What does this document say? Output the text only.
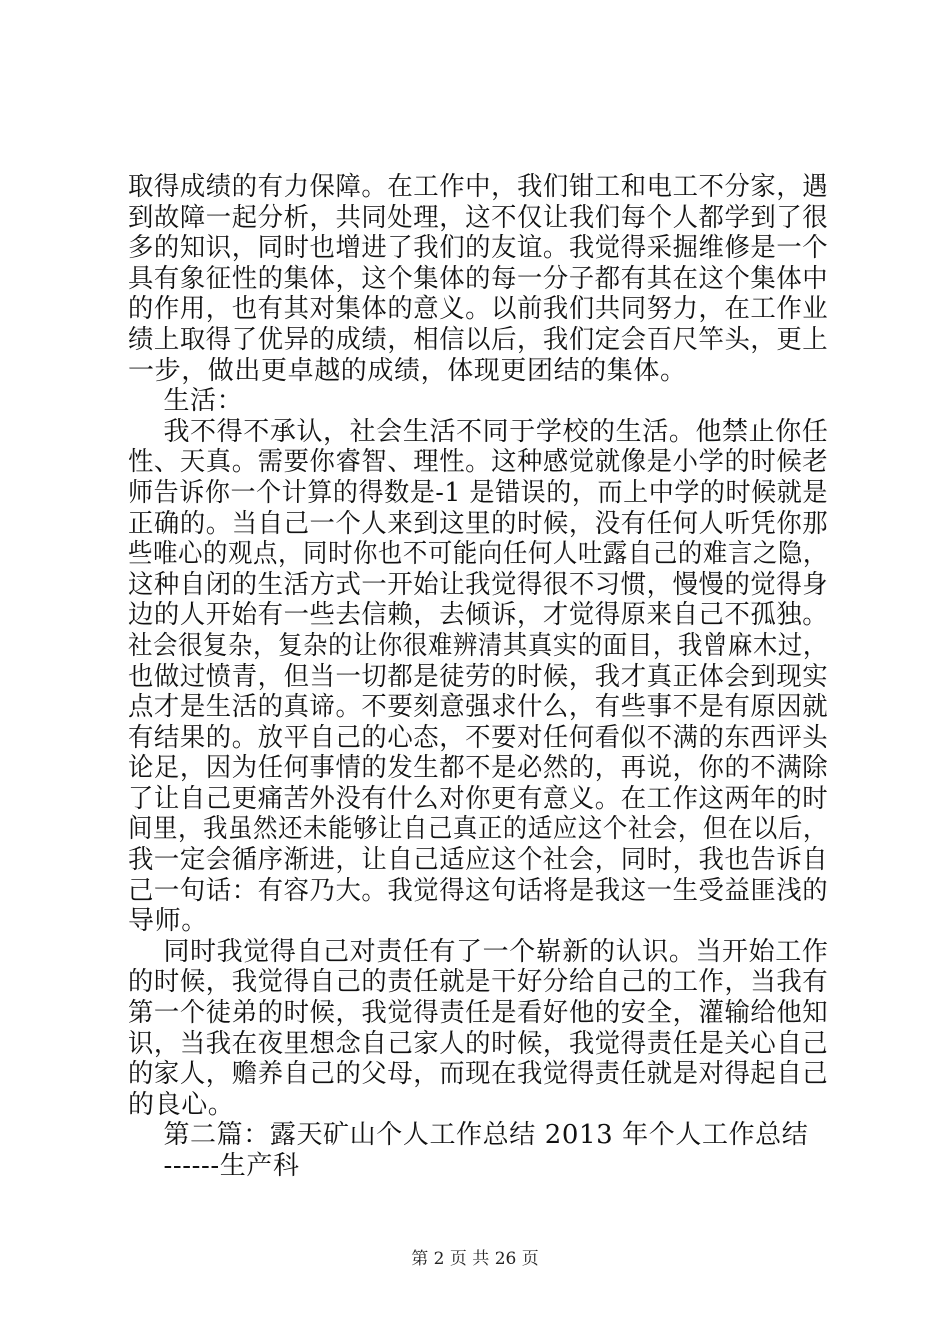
取得成绩的有力保障。在工作中，我们钳工和电工不分家，遇
到故障一起分析，共同处理，这不仅让我们每个人都学到了很
多的知识，同时也增进了我们的友谊。我觉得采掘维修是一个
具有象征性的集体，这个集体的每一分子都有其在这个集体中
的作用，也有其对集体的意义。以前我们共同努力，在工作业
绩上取得了优异的成绩，相信以后，我们定会百尺竿头，更上
一步，做出更卓越的成绩，体现更团结的集体。
生活：
我不得不承认，社会生活不同于学校的生活。他禁止你任
性、天真。需要你睿智、理性。这种感觉就像是小学的时候老
师告诉你一个计算的得数是-1 是错误的，而上中学的时候就是
正确的。当自己一个人来到这里的时候，没有任何人听凭你那
些唯心的观点，同时你也不可能向任何人吐露自己的难言之隐，
这种自闭的生活方式一开始让我觉得很不习惯，慢慢的觉得身
边的人开始有一些去信赖，去倾诉，才觉得原来自己不孤独。
社会很复杂，复杂的让你很难辨清其真实的面目，我曾麻木过，
也做过愤青，但当一切都是徒劳的时候，我才真正体会到现实
点才是生活的真谛。不要刻意强求什么，有些事不是有原因就
有结果的。放平自己的心态，不要对任何看似不满的东西评头
论足，因为任何事情的发生都不是必然的，再说，你的不满除
了让自己更痛苦外没有什么对你更有意义。在工作这两年的时
间里，我虽然还未能够让自己真正的适应这个社会，但在以后，
我一定会循序渐进，让自己适应这个社会，同时，我也告诉自
己一句话：有容乃大。我觉得这句话将是我这一生受益匪浅的
导师。
同时我觉得自己对责任有了一个崭新的认识。当开始工作
的时候，我觉得自己的责任就是干好分给自己的工作，当我有
第一个徒弟的时候，我觉得责任是看好他的安全，灌输给他知
识，当我在夜里想念自己家人的时候，我觉得责任是关心自己
的家人，赡养自己的父母，而现在我觉得责任就是对得起自己
的良心。
第二篇：露天矿山个人工作总结 2013 年个人工作总结
------生产科
第 2 页 共 26 页
